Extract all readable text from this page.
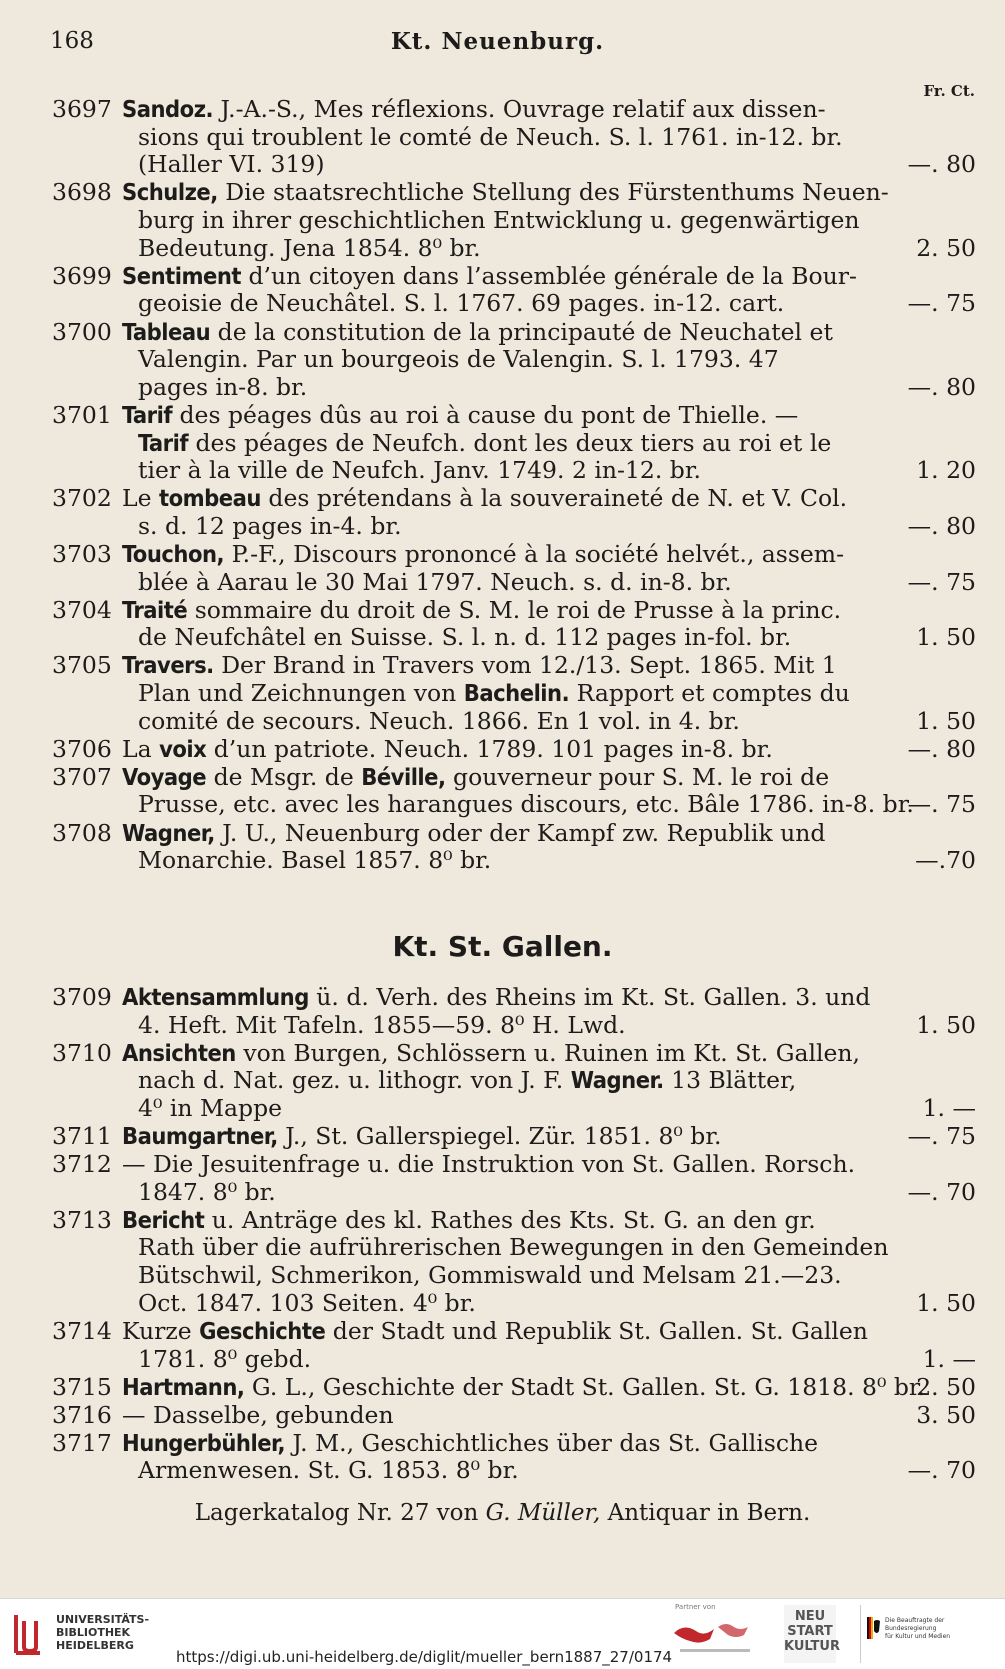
168	Kt. Neuenburg.
Fr. Ct.
3697 Sandoz. J.-A.-S., Mes réflexions. Ouvrage relatif aux dissen-
sions qui troublent le comté de Neuch. S. l. 1761. in-12. br.
(Haller VI. 319)	—. 80
3698 Schulze, Die staatsrechtliche Stellung des Fürstenthums Neuen-
burg in ihrer geschichtlichen Entwicklung u. gegenwärtigen
Bedeutung. Jena 1854. 8⁰ br.	2. 50
3699 Sentiment d’un citoyen dans l’assemblée générale de la Bour-
geoisie de Neuchâtel. S. l. 1767. 69 pages. in-12. cart.	—. 75
3700 Tableau de la constitution de la principauté de Neuchatel et
Valengin. Par un bourgeois de Valengin. S. l. 1793. 47
pages in-8. br.	—. 80
3701 Tarif des péages dûs au roi à cause du pont de Thielle. —
Tarif des péages de Neufch. dont les deux tiers au roi et le
tier à la ville de Neufch. Janv. 1749. 2 in-12. br.	1. 20
3702 Le tombeau des prétendans à la souveraineté de N. et V. Col.
s. d. 12 pages in-4. br.	—. 80
3703 Touchon, P.-F., Discours prononcé à la société helvét., assem-
blée à Aarau le 30 Mai 1797. Neuch. s. d. in-8. br.	—. 75
3704 Traité sommaire du droit de S. M. le roi de Prusse à la princ.
de Neufchâtel en Suisse. S. l. n. d. 112 pages in-fol. br.	1. 50
3705 Travers. Der Brand in Travers vom 12./13. Sept. 1865. Mit 1
Plan und Zeichnungen von Bachelin. Rapport et comptes du
comité de secours. Neuch. 1866. En 1 vol. in 4. br.	1. 50
3706 La voix d’un patriote. Neuch. 1789. 101 pages in-8. br.	—. 80
3707 Voyage de Msgr. de Béville, gouverneur pour S. M. le roi de
Prusse, etc. avec les harangues discours, etc. Bâle 1786. in-8. br.
—. 75
3708 Wagner, J. U., Neuenburg oder der Kampf zw. Republik und
Monarchie. Basel 1857. 8⁰ br.	—.70
Kt. St. Gallen.
3709 Aktensammlung ü. d. Verh. des Rheins im Kt. St. Gallen. 3. und
4. Heft. Mit Tafeln. 1855—59. 8⁰ H. Lwd.	1. 50
3710 Ansichten von Burgen, Schlössern u. Ruinen im Kt. St. Gallen,
nach d. Nat. gez. u. lithogr. von J. F. Wagner. 13 Blätter,
4⁰ in Mappe	1. —
3711 Baumgartner, J., St. Gallerspiegel. Zür. 1851. 8⁰ br.	—. 75
3712 — Die Jesuitenfrage u. die Instruktion von St. Gallen. Rorsch.
1847. 8⁰ br.	—. 70
3713 Bericht u. Anträge des kl. Rathes des Kts. St. G. an den gr.
Rath über die aufrührerischen Bewegungen in den Gemeinden
Bütschwil, Schmerikon, Gommiswald und Melsam 21.—23.
Oct. 1847. 103 Seiten. 4⁰ br.	1. 50
3714 Kurze Geschichte der Stadt und Republik St. Gallen. St. Gallen
1781. 8⁰ gebd.	1. —
3715 Hartmann, G. L., Geschichte der Stadt St. Gallen. St. G. 1818. 8⁰ br.
2. 50
3716 — Dasselbe, gebunden	3. 50
3717 Hungerbühler, J. M., Geschichtliches über das St. Gallische
Armenwesen. St. G. 1853. 8⁰ br.	—. 70
Lagerkatalog Nr. 27 von G. Müller, Antiquar in Bern.
UNIVERSITÄTS-
BIBLIOTHEK
HEIDELBERG
https://digi.ub.uni-heidelberg.de/diglit/mueller_bern1887_27/0174
Partner von
NEU
START
KULTUR
Die Beauftragte der Bundesregierung
für Kultur und Medien
